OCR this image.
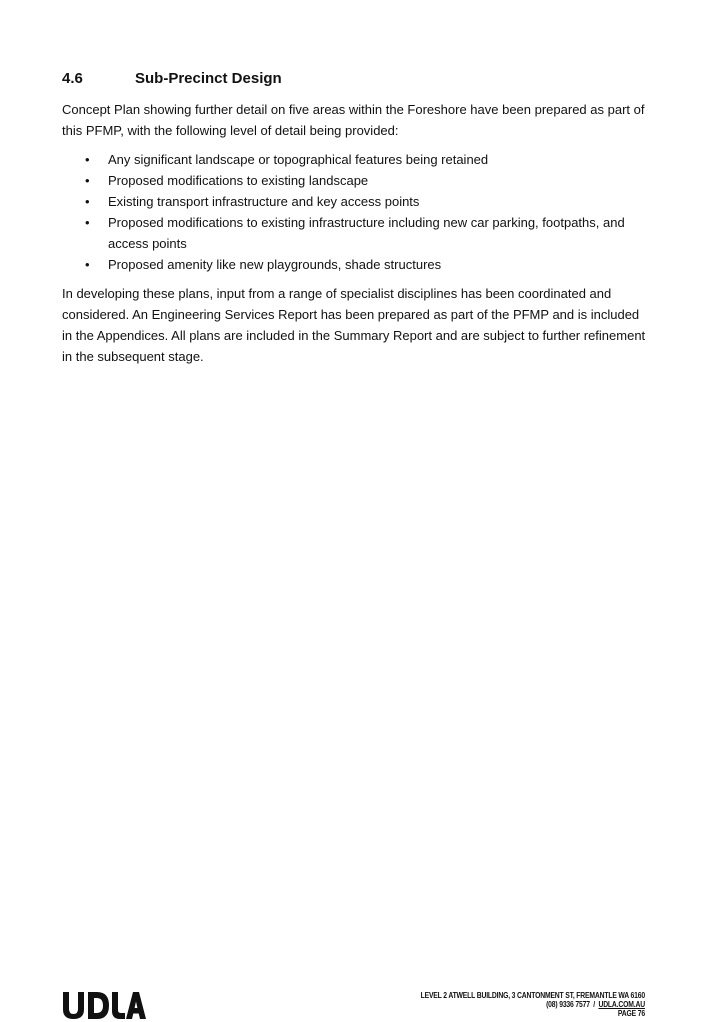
4.6	Sub-Precinct Design

Concept Plan showing further detail on five areas within the Foreshore have been prepared as part of this PFMP, with the following level of detail being provided:

• Any significant landscape or topographical features being retained
• Proposed modifications to existing landscape
• Existing transport infrastructure and key access points
• Proposed modifications to existing infrastructure including new car parking, footpaths, and access points
• Proposed amenity like new playgrounds, shade structures

In developing these plans, input from a range of specialist disciplines has been coordinated and considered. An Engineering Services Report has been prepared as part of the PFMP and is included in the Appendices. All plans are included in the Summary Report and are subject to further refinement in the subsequent stage.

LEVEL 2 ATWELL BUILDING, 3 CANTONMENT ST, FREMANTLE WA 6160
(08) 9336 7577 / UDLA.COM.AU
PAGE 76
